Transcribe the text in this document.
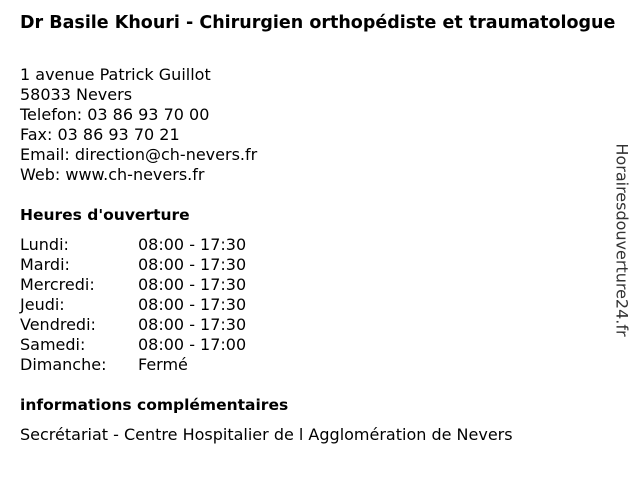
Dr Basile Khouri - Chirurgien orthopédiste et traumatologue
1 avenue Patrick Guillot
58033 Nevers
Telefon: 03 86 93 70 00
Fax: 03 86 93 70 21
Email: direction@ch-nevers.fr
Web: www.ch-nevers.fr
Heures d'ouverture
Lundi:	08:00 - 17:30
Mardi:	08:00 - 17:30
Mercredi:	08:00 - 17:30
Jeudi:	08:00 - 17:30
Vendredi:	08:00 - 17:30
Samedi:	08:00 - 17:00
Dimanche:	Fermé
informations complémentaires
Secrétariat - Centre Hospitalier de l Agglomération de Nevers
Horairesdouverture24.fr
